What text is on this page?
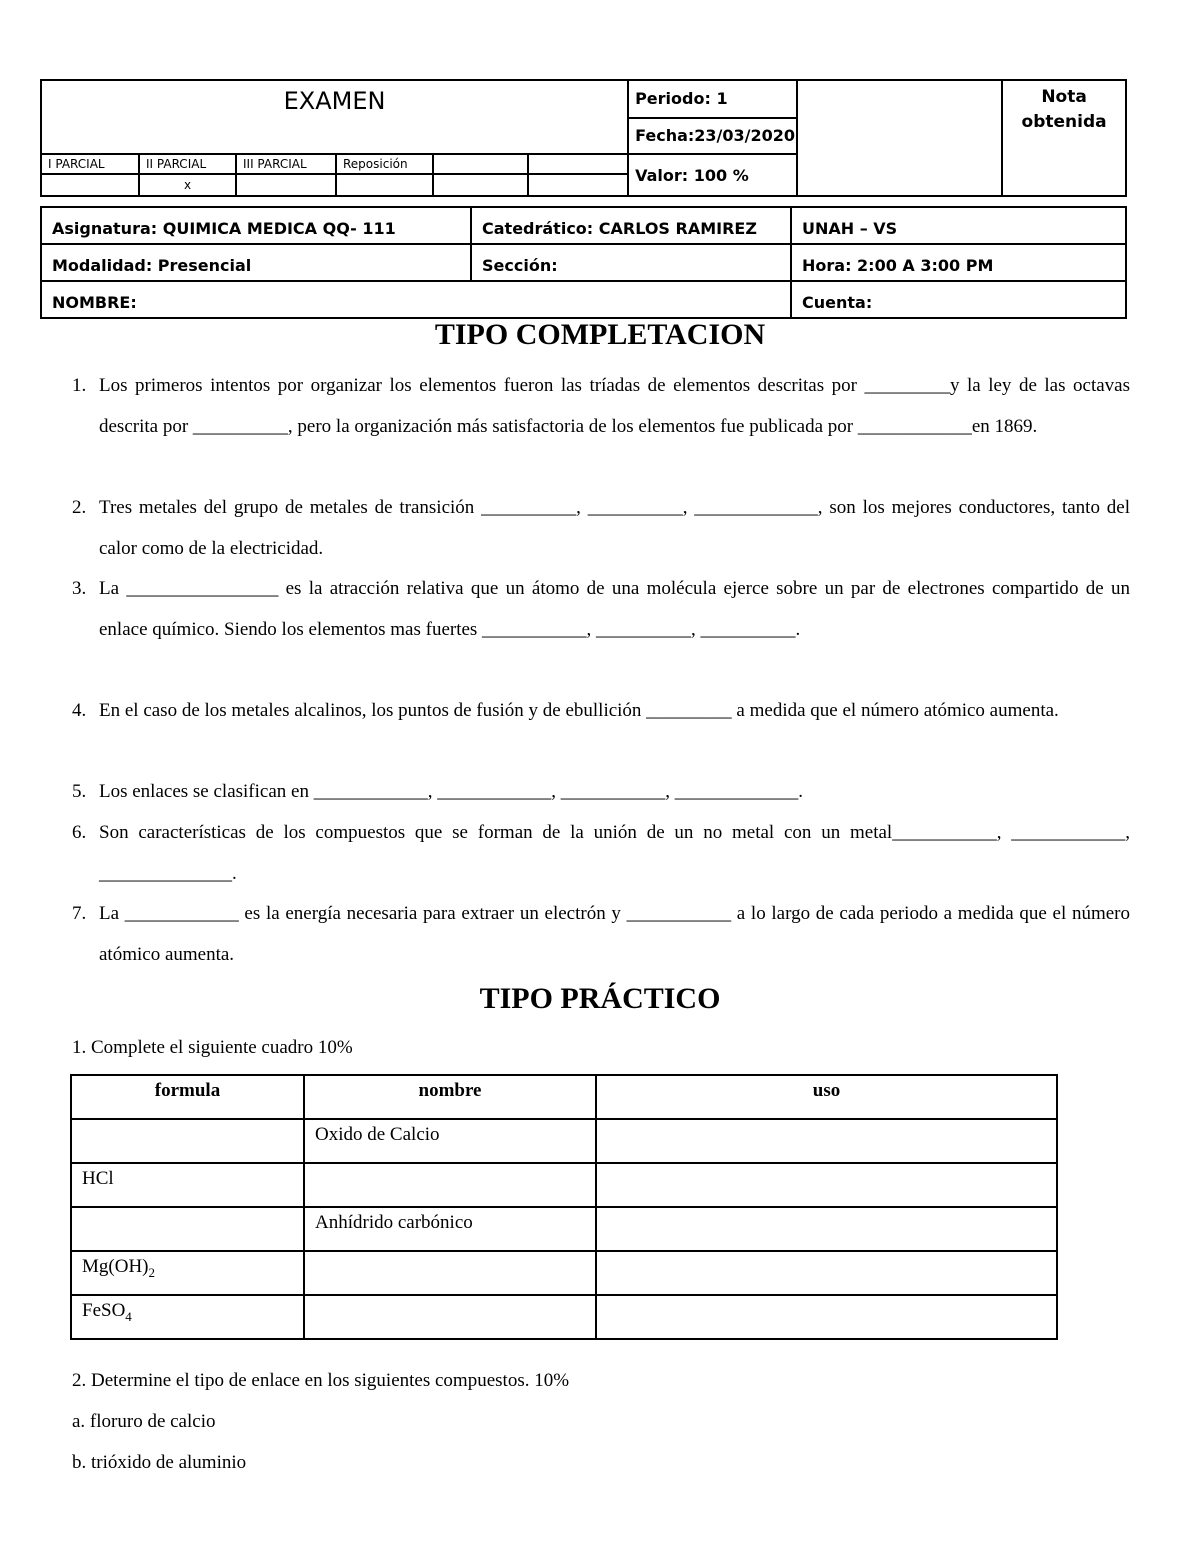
EXAMEN						Periodo: 1		Nota obtenida
						Fecha:23/03/2020		
I PARCIAL	II PARCIAL	III PARCIAL	Reposición			Valor: 100 %		
	x							
Asignatura: QUIMICA MEDICA QQ- 111	Catedrático: CARLOS RAMIREZ	UNAH – VS
Modalidad: Presencial	Sección:	Hora: 2:00 A 3:00 PM
NOMBRE:		Cuenta:
TIPO COMPLETACION
1. Los primeros intentos por organizar los elementos fueron las tríadas de elementos descritas por _________y la ley de las octavas descrita por __________, pero la organización más satisfactoria de los elementos fue publicada por ____________en 1869.
2. Tres metales del grupo de metales de transición __________, __________, _____________, son los mejores conductores, tanto del calor como de la electricidad.
3. La ________________ es la atracción relativa que un átomo de una molécula ejerce sobre un par de electrones compartido de un enlace químico. Siendo los elementos mas fuertes ___________, __________, __________.
4. En el caso de los metales alcalinos, los puntos de fusión y de ebullición _________ a medida que el número atómico aumenta.
5. Los enlaces se clasifican en ____________, ____________, ___________, _____________.
6. Son características de los compuestos que se forman de la unión de un no metal con un metal___________, ____________, ______________.
7. La ____________ es la energía necesaria para extraer un electrón y ___________ a lo largo de cada periodo a medida que el número atómico aumenta.
TIPO PRÁCTICO
1. Complete el siguiente cuadro 10%
formula	nombre	uso
	Oxido de Calcio	
HCl		
	Anhídrido carbónico	
$Mg(OH)_2$		
FeSO$_4$		
2. Determine el tipo de enlace en los siguientes compuestos. 10%
a. floruro de calcio
b. trióxido de aluminio
